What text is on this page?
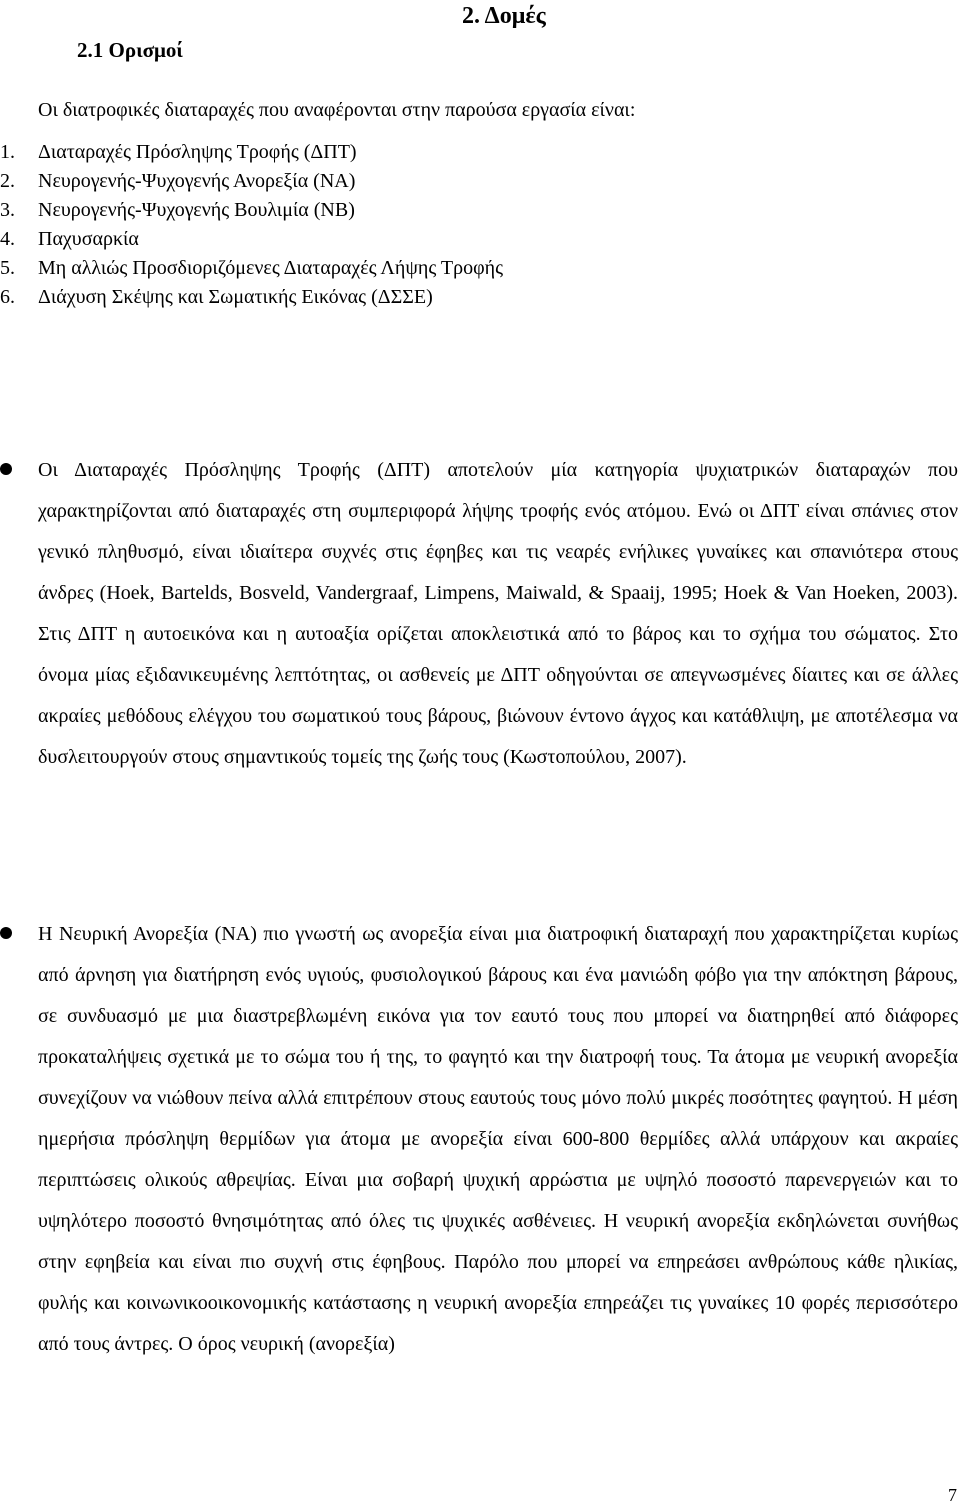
2. Δομές
2.1 Ορισμοί

Οι διατροφικές διαταραχές που αναφέρονται στην παρούσα εργασία είναι:

1.	Διαταραχές Πρόσληψης Τροφής (ΔΠΤ)
2.	Νευρογενής-Ψυχογενής Ανορεξία (ΝΑ)
3.	Νευρογενής-Ψυχογενής Βουλιμία (ΝΒ)
4.	Παχυσαρκία
5.	Μη αλλιώς Προσδιοριζόμενες Διαταραχές Λήψης Τροφής
6.	Διάχυση Σκέψης και Σωματικής Εικόνας (ΔΣΣΕ)

Οι Διαταραχές Πρόσληψης Τροφής (ΔΠΤ) αποτελούν μία κατηγορία ψυχιατρικών διαταραχών που χαρακτηρίζονται από διαταραχές στη συμπεριφορά λήψης τροφής ενός ατόμου. Ενώ οι ΔΠΤ είναι σπάνιες στον γενικό πληθυσμό, είναι ιδιαίτερα συχνές στις έφηβες και τις νεαρές ενήλικες γυναίκες και σπανιότερα στους άνδρες (Hoek, Bartelds, Bosveld, Vandergraaf, Limpens, Maiwald, & Spaaij, 1995; Hoek & Van Hoeken, 2003). Στις ΔΠΤ η αυτοεικόνα και η αυτοαξία ορίζεται αποκλειστικά από το βάρος και το σχήμα του σώματος. Στο όνομα μίας εξιδανικευμένης λεπτότητας, οι ασθενείς με ΔΠΤ οδηγούνται σε απεγνωσμένες δίαιτες και σε άλλες ακραίες μεθόδους ελέγχου του σωματικού τους βάρους, βιώνουν έντονο άγχος και κατάθλιψη, με αποτέλεσμα να δυσλειτουργούν στους σημαντικούς τομείς της ζωής τους (Κωστοπούλου, 2007).

Η Νευρική Ανορεξία (ΝΑ) πιο γνωστή ως ανορεξία είναι μια διατροφική διαταραχή που χαρακτηρίζεται κυρίως από άρνηση για διατήρηση ενός υγιούς, φυσιολογικού βάρους και ένα μανιώδη φόβο για την απόκτηση βάρους, σε συνδυασμό με μια διαστρεβλωμένη εικόνα για τον εαυτό τους που μπορεί να διατηρηθεί από διάφορες προκαταλήψεις σχετικά με το σώμα του ή της, το φαγητό και την διατροφή τους. Τα άτομα με νευρική ανορεξία συνεχίζουν να νιώθουν πείνα αλλά επιτρέπουν στους εαυτούς τους μόνο πολύ μικρές ποσότητες φαγητού. Η μέση ημερήσια πρόσληψη θερμίδων για άτομα με ανορεξία είναι 600-800 θερμίδες αλλά υπάρχουν και ακραίες περιπτώσεις ολικούς αθρεψίας. Είναι μια σοβαρή ψυχική αρρώστια με υψηλό ποσοστό παρενεργειών και το υψηλότερο ποσοστό θνησιμότητας από όλες τις ψυχικές ασθένειες. Η νευρική ανορεξία εκδηλώνεται συνήθως στην εφηβεία και είναι πιο συχνή στις έφηβους. Παρόλο που μπορεί να επηρεάσει ανθρώπους κάθε ηλικίας, φυλής και κοινωνικοοικονομικής κατάστασης η νευρική ανορεξία επηρεάζει τις γυναίκες 10 φορές περισσότερο από τους άντρες. Ο όρος νευρική (ανορεξία)

7
